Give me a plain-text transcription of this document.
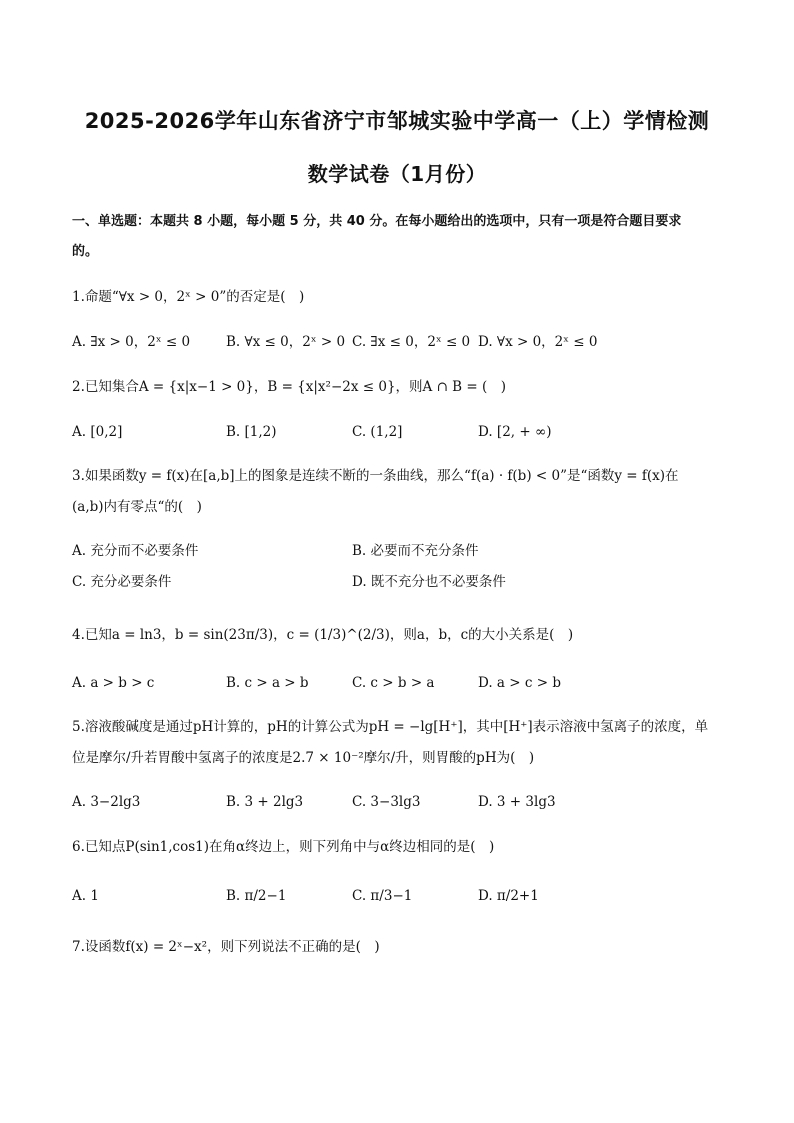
2025-2026学年山东省济宁市邹城实验中学高一（上）学情检测
数学试卷（1月份）
一、单选题：本题共 8 小题，每小题 5 分，共 40 分。在每小题给出的选项中，只有一项是符合题目要求
的。
1.命题“∀x > 0，2ˣ > 0”的否定是(　)
A. ∃x > 0，2ˣ ≤ 0	B. ∀x ≤ 0，2ˣ > 0 C. ∃x ≤ 0，2ˣ ≤ 0 D. ∀x > 0，2ˣ ≤ 0
2.已知集合A = {x|x−1 > 0}，B = {x|x²−2x ≤ 0}，则A ∩ B = (　)
A. [0,2]	B. [1,2)	C. (1,2]	D. [2, + ∞)
3.如果函数y = f(x)在[a,b]上的图象是连续不断的一条曲线，那么“f(a) · f(b) < 0”是“函数y = f(x)在
(a,b)内有零点“的(　)
A. 充分而不必要条件	B. 必要而不充分条件
C. 充分必要条件	D. 既不充分也不必要条件
4.已知a = ln3，b = sin(23π/3)，c = (1/3)^(2/3)，则a，b，c的大小关系是(　)
A. a > b > c	B. c > a > b	C. c > b > a	D. a > c > b
5.溶液酸碱度是通过pH计算的，pH的计算公式为pH = −lg[H⁺]，其中[H⁺]表示溶液中氢离子的浓度，单
位是摩尔/升若胃酸中氢离子的浓度是2.7 × 10⁻²摩尔/升，则胃酸的pH为(　)
A. 3−2lg3	B. 3 + 2lg3	C. 3−3lg3	D. 3 + 3lg3
6.已知点P(sin1,cos1)在角α终边上，则下列角中与α终边相同的是(　)
A. 1	B. π/2−1	C. π/3−1	D. π/2+1
7.设函数f(x) = 2ˣ−x²，则下列说法不正确的是(　)
